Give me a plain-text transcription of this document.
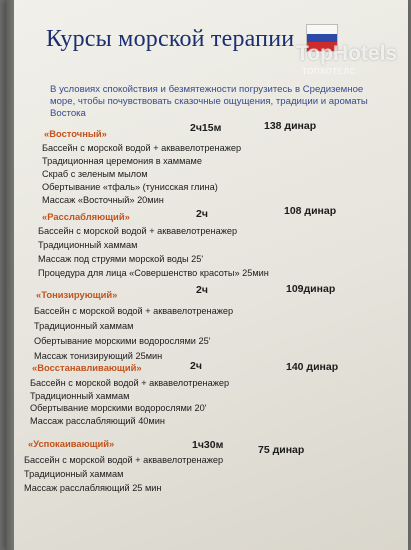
Курсы морской терапии
TopHotels
ТОПХОТЕЛС
В условиях спокойствия и безмятежности погрузитесь в Средиземное море, чтобы почувствовать сказочные ощущения, традиции и ароматы Востока
«Восточный»	2ч15м	138 динар
Бассейн с морской водой + аквавелотренажер
Традиционная церемония в хаммаме
Скраб с зеленым мылом
Обертывание «тфаль» (тунисская глина)
Массаж «Восточный» 20мин
«Расслабляющий»	2ч	108 динар
Бассейн с морской водой + аквавелотренажер
Традиционный хаммам
Массаж под струями морской воды 25'
Процедура для лица «Совершенство красоты» 25мин
«Тонизирующий»	2ч	109динар
Бассейн с морской водой + аквавелотренажер
Традиционный хаммам
Обертывание морскими водорослями 25'
Массаж тонизирующий 25мин
«Восстанавливающий»	2ч	140 динар
Бассейн с морской водой + аквавелотренажер
Традиционный хаммам
Обертывание морскими водорослями 20'
Массаж расслабляющий 40мин
«Успокаивающий»	1ч30м	75 динар
Бассейн с морской водой + аквавелотренажер
Традиционный хаммам
Массаж расслабляющий 25 мин
